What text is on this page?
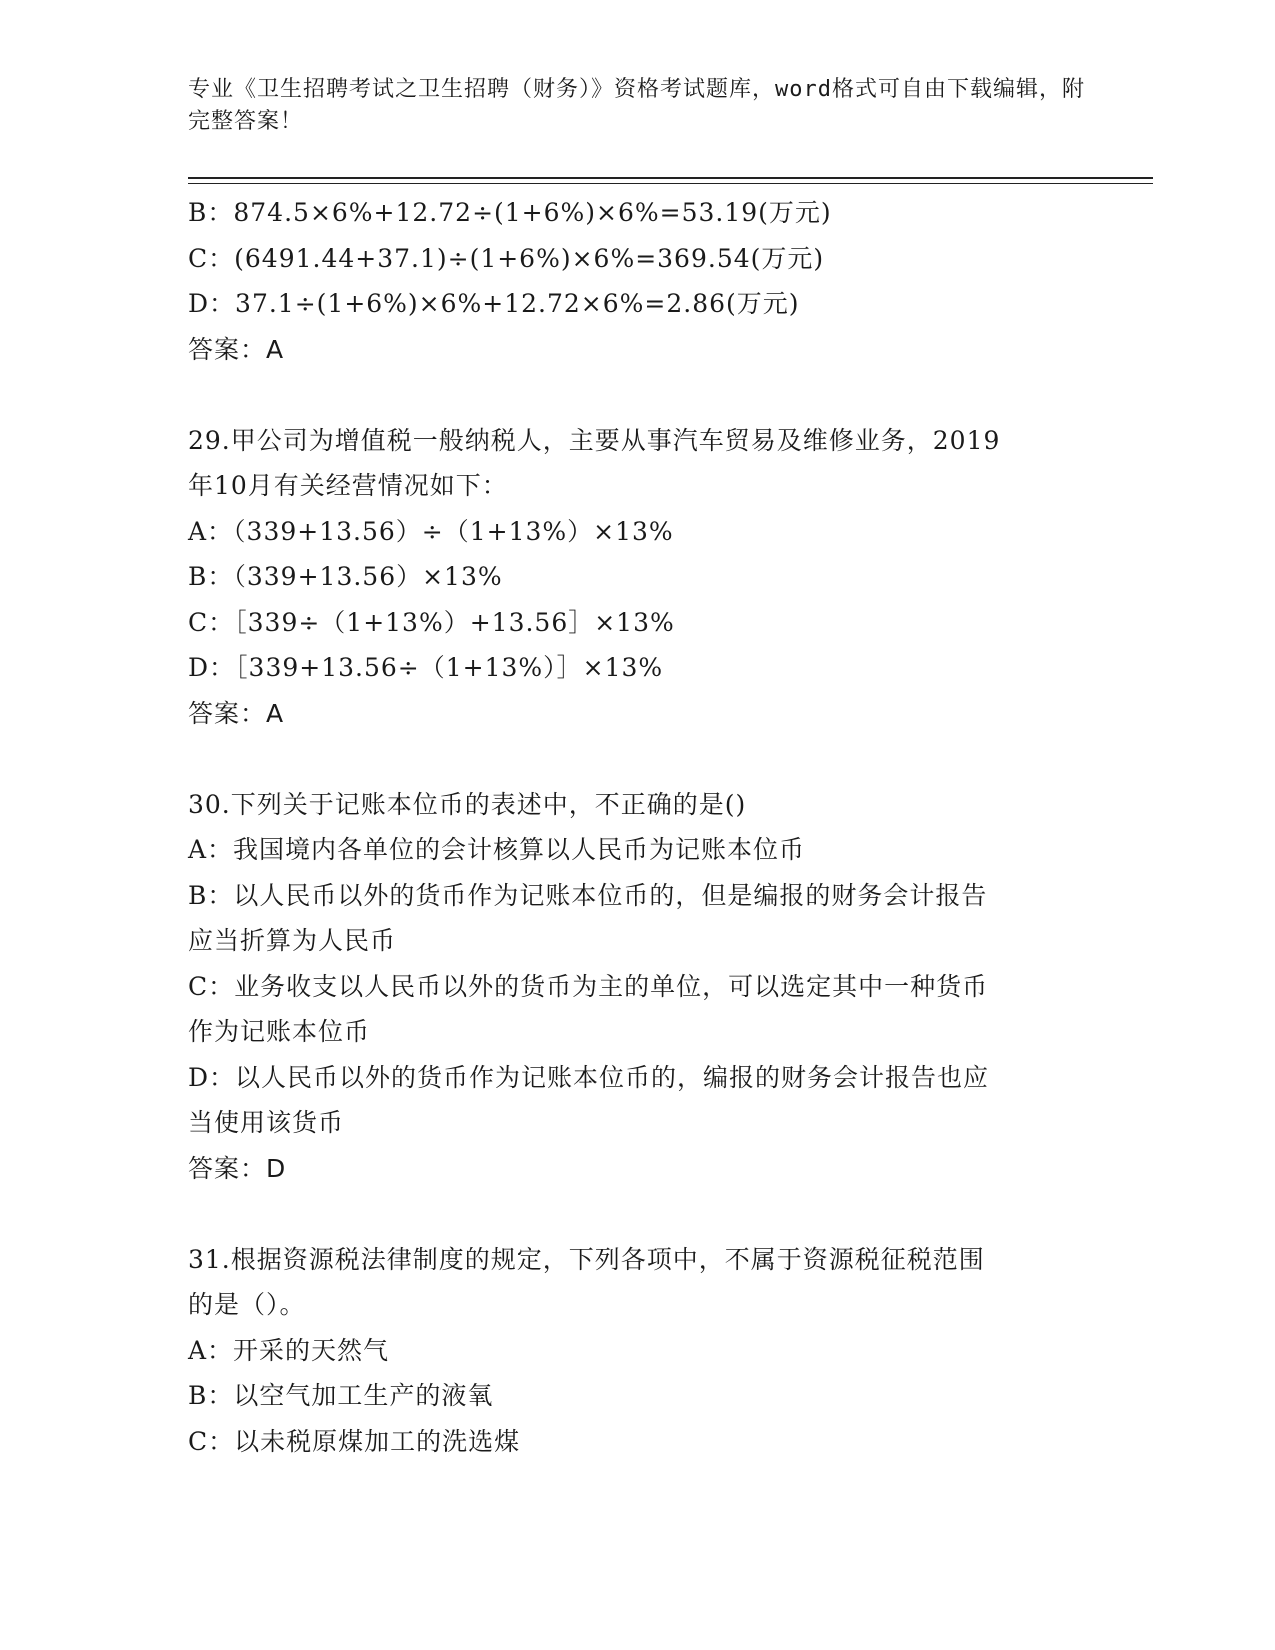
专业《卫生招聘考试之卫生招聘（财务）》资格考试题库，word格式可自由下载编辑，附完整答案！
B：874.5×6%+12.72÷(1+6%)×6%=53.19(万元)
C：(6491.44+37.1)÷(1+6%)×6%=369.54(万元)
D：37.1÷(1+6%)×6%+12.72×6%=2.86(万元)
答案：A
29.甲公司为增值税一般纳税人，主要从事汽车贸易及维修业务，2019
年10月有关经营情况如下：
A：（339+13.56）÷（1+13%）×13%
B：（339+13.56）×13%
C：［339÷（1+13%）+13.56］×13%
D：［339+13.56÷（1+13%）］×13%
答案：A
30.下列关于记账本位币的表述中，不正确的是()
A：我国境内各单位的会计核算以人民币为记账本位币
B：以人民币以外的货币作为记账本位币的，但是编报的财务会计报告
应当折算为人民币
C：业务收支以人民币以外的货币为主的单位，可以选定其中一种货币
作为记账本位币
D：以人民币以外的货币作为记账本位币的，编报的财务会计报告也应
当使用该货币
答案：D
31.根据资源税法律制度的规定，下列各项中，不属于资源税征税范围
的是（）。
A：开采的天然气
B：以空气加工生产的液氧
C：以未税原煤加工的洗选煤
